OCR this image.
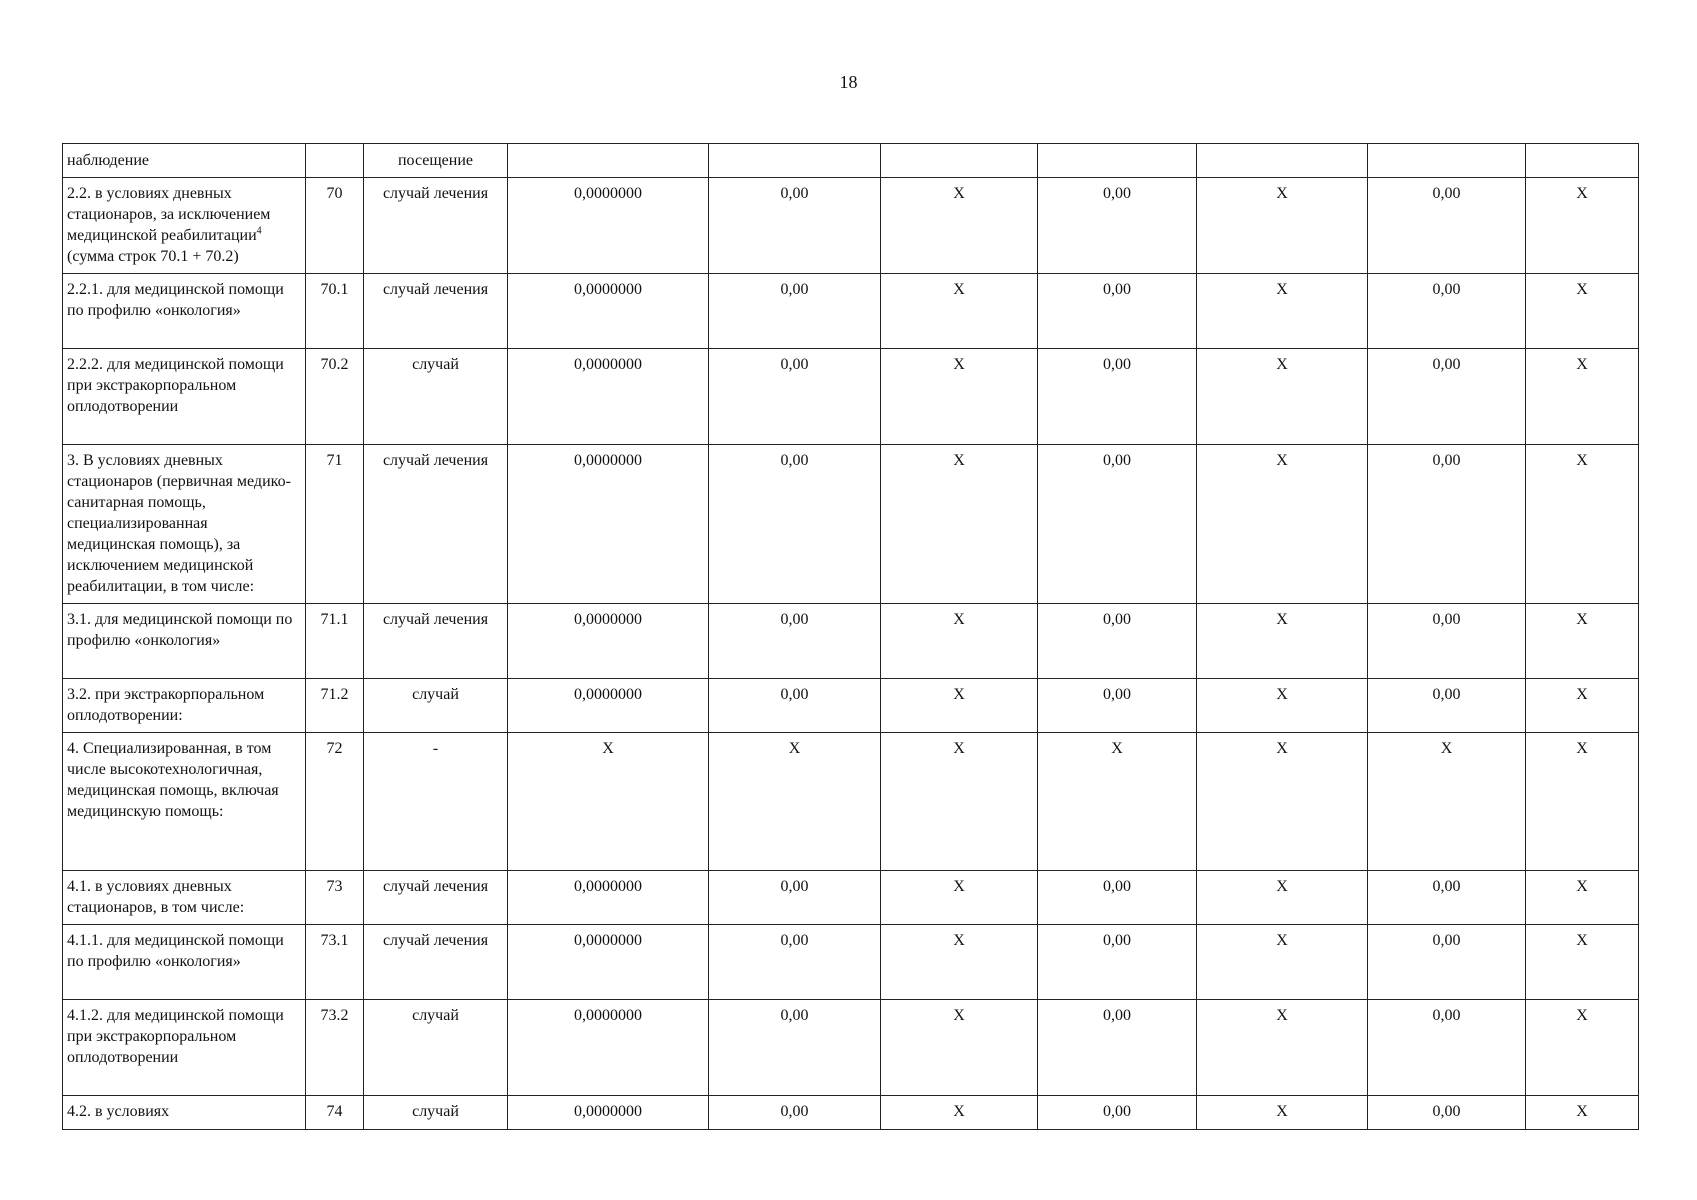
18
наблюдение		посещение							
2.2. в условиях дневных стационаров, за исключением медицинской реабилитации$^4$ (сумма строк 70.1 + 70.2)	70	случай лечения	0,0000000	0,00	Х	0,00	Х	0,00	Х
2.2.1. для медицинской помощи по профилю «онкология»	70.1	случай лечения	0,0000000	0,00	Х	0,00	Х	0,00	Х
2.2.2. для медицинской помощи при экстракорпоральном оплодотворении	70.2	случай	0,0000000	0,00	Х	0,00	Х	0,00	Х
3. В условиях дневных стационаров (первичная медико-санитарная помощь, специализированная медицинская помощь), за исключением медицинской реабилитации, в том числе:	71	случай лечения	0,0000000	0,00	Х	0,00	Х	0,00	Х
3.1. для медицинской помощи по профилю «онкология»	71.1	случай лечения	0,0000000	0,00	Х	0,00	Х	0,00	Х
3.2. при экстракорпоральном оплодотворении:	71.2	случай	0,0000000	0,00	Х	0,00	Х	0,00	Х
4. Специализированная, в том числе высокотехнологичная, медицинская помощь, включая медицинскую помощь:	72	-	Х	Х	Х	Х	Х	Х	Х
4.1. в условиях дневных стационаров, в том числе:	73	случай лечения	0,0000000	0,00	Х	0,00	Х	0,00	Х
4.1.1. для медицинской помощи по профилю «онкология»	73.1	случай лечения	0,0000000	0,00	Х	0,00	Х	0,00	Х
4.1.2. для медицинской помощи при экстракорпоральном оплодотворении	73.2	случай	0,0000000	0,00	Х	0,00	Х	0,00	Х
4.2. в условиях	74	случай	0,0000000	0,00	Х	0,00	Х	0,00	Х
